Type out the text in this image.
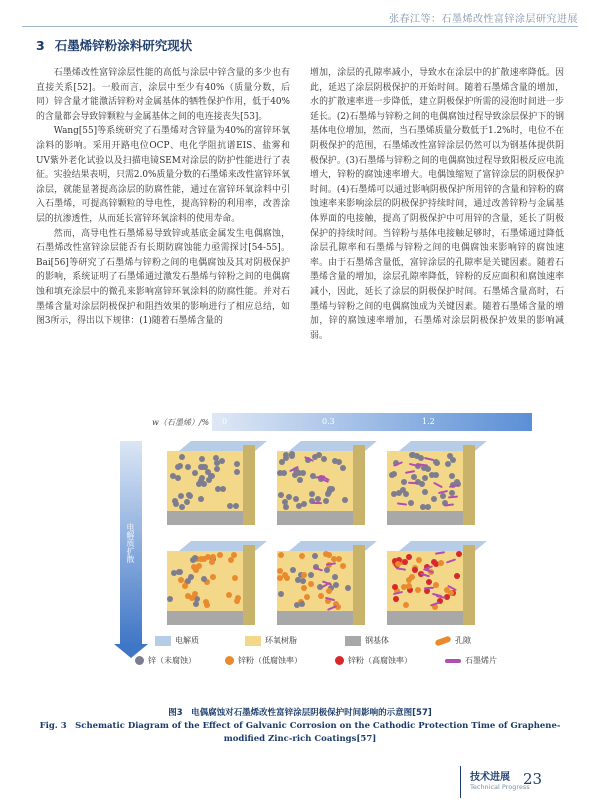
张春江等：石墨烯改性富锌涂层研究进展
3 石墨烯锌粉涂料研究现状

石墨烯改性富锌涂层性能的高低与涂层中锌含量的多少也有直接关系[52]。一般而言，涂层中至少有40%（质量分数，后同）锌含量才能激活锌粉对金属基体的牺牲保护作用，低于40%的含量都会导致锌颗粒与金属基体之间的电连接丧失[53]。

Wang[55]等系统研究了石墨烯对含锌量为40%的富锌环氧涂料的影响。采用开路电位OCP、电化学阻抗谱EIS、盐雾和UV紫外老化试验以及扫描电镜SEM对涂层的防护性能进行了表征。实验结果表明，只需2.0%质量分数的石墨烯来改性富锌环氧涂层，就能显著提高涂层的防腐性能，通过在富锌环氧涂料中引入石墨烯，可提高锌颗粒的导电性，提高锌粉的利用率，改善涂层的抗渗透性，从而延长富锌环氧涂料的使用寿命。

然而，高导电性石墨烯易导致锌或基底金属发生电偶腐蚀，石墨烯改性富锌涂层能否有长期防腐蚀能力亟需探讨[54-55]。Bai[56]等研究了石墨烯与锌粉之间的电偶腐蚀及其对阴极保护的影响，系统证明了石墨烯通过激发石墨烯与锌粉之间的电偶腐蚀和填充涂层中的微孔来影响富锌环氧涂料的防腐性能。并对石墨烯含量对涂层阴极保护和阻挡效果的影响进行了相应总结，如图3所示，得出以下规律：(1)随着石墨烯含量的

增加，涂层的孔隙率减小，导致水在涂层中的扩散速率降低。因此，延迟了涂层阴极保护的开始时间。随着石墨烯含量的增加，水的扩散速率进一步降低，建立阴极保护所需的浸泡时间进一步延长。(2)石墨烯与锌粉之间的电偶腐蚀过程导致涂层保护下的钢基体电位增加，然而，当石墨烯质量分数低于1.2%时，电位不在阴极保护的范围，石墨烯改性富锌涂层仍然可以为钢基体提供阴极保护。(3)石墨烯与锌粉之间的电偶腐蚀过程导致阳极反应电流增大，锌粉的腐蚀速率增大。电偶蚀缩短了富锌涂层的阴极保护时间。(4)石墨烯可以通过影响阴极保护所用锌的含量和锌粉的腐蚀速率来影响涂层的阴极保护持续时间，通过改善锌粉与金属基体界面的电接触，提高了阴极保护中可用锌的含量，延长了阴极保护的持续时间。当锌粉与基体电接触足够时，石墨烯通过降低涂层孔隙率和石墨烯与锌粉之间的电偶腐蚀来影响锌的腐蚀速率。由于石墨烯含量低，富锌涂层的孔隙率是关键因素。随着石墨烯含量的增加，涂层孔隙率降低，锌粉的反应面积和腐蚀速率减小，因此，延长了涂层的阴极保护时间。石墨烯含量高时，石墨烯与锌粉之间的电偶腐蚀成为关键因素。随着石墨烯含量的增加，锌的腐蚀速率增加，石墨烯对涂层阴极保护效果的影响减弱。

w（石墨烯）/% 0	0.3	1.2
电解质扩散
电解质	环氧树脂	钢基体	孔隙
锌（未腐蚀）	锌粉（低腐蚀率）	锌粉（高腐蚀率）	石墨烯片
图3　电偶腐蚀对石墨烯改性富锌涂层阴极保护时间影响的示意图[57]
Fig. 3　Schematic Diagram of the Effect of Galvanic Corrosion on the Cathodic Protection Time of Graphene-modified Zinc-rich Coatings[57]
技术进展
Technical Progress
23
